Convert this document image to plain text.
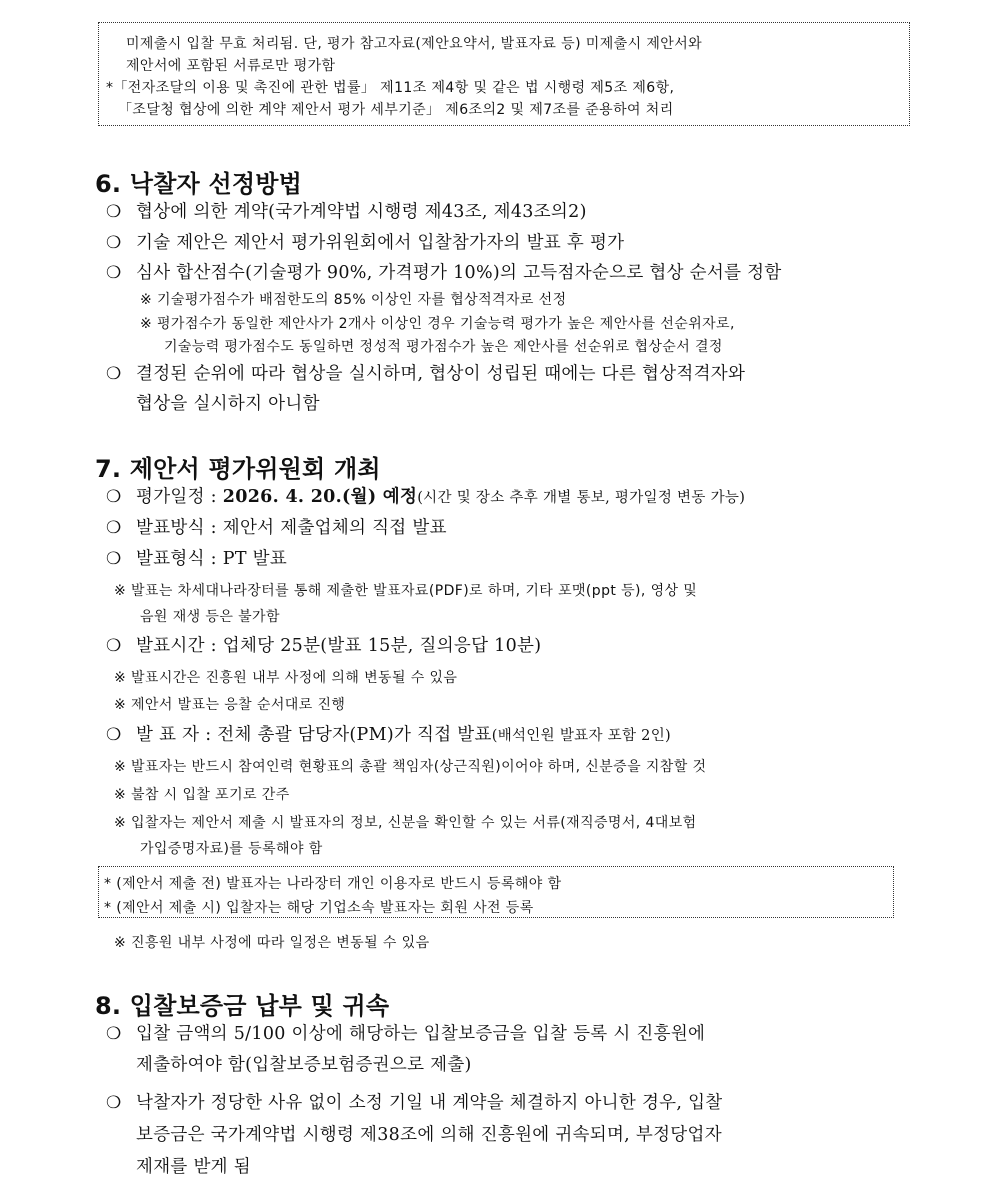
미제출시 입찰 무효 처리됨. 단, 평가 참고자료(제안요약서, 발표자료 등) 미제출시 제안서와
제안서에 포함된 서류로만 평가함
*「전자조달의 이용 및 촉진에 관한 법률」 제11조 제4항 및 같은 법 시행령 제5조 제6항,
「조달청 협상에 의한 계약 제안서 평가 세부기준」 제6조의2 및 제7조를 준용하여 처리
6. 낙찰자 선정방법
❍ 협상에 의한 계약(국가계약법 시행령 제43조, 제43조의2)
❍ 기술 제안은 제안서 평가위원회에서 입찰참가자의 발표 후 평가
❍ 심사 합산점수(기술평가 90%, 가격평가 10%)의 고득점자순으로 협상 순서를 정함
※ 기술평가점수가 배점한도의 85% 이상인 자를 협상적격자로 선정
※ 평가점수가 동일한 제안사가 2개사 이상인 경우 기술능력 평가가 높은 제안사를 선순위자로,
기술능력 평가점수도 동일하면 정성적 평가점수가 높은 제안사를 선순위로 협상순서 결정
❍ 결정된 순위에 따라 협상을 실시하며, 협상이 성립된 때에는 다른 협상적격자와
협상을 실시하지 아니함
7. 제안서 평가위원회 개최
❍ 평가일정 : 2026. 4. 20.(월) 예정(시간 및 장소 추후 개별 통보, 평가일정 변동 가능)
❍ 발표방식 : 제안서 제출업체의 직접 발표
❍ 발표형식 : PT 발표
※ 발표는 차세대나라장터를 통해 제출한 발표자료(PDF)로 하며, 기타 포맷(ppt 등), 영상 및
음원 재생 등은 불가함
❍ 발표시간 : 업체당 25분(발표 15분, 질의응답 10분)
※ 발표시간은 진흥원 내부 사정에 의해 변동될 수 있음
※ 제안서 발표는 응찰 순서대로 진행
❍ 발 표 자 : 전체 총괄 담당자(PM)가 직접 발표(배석인원 발표자 포함 2인)
※ 발표자는 반드시 참여인력 현황표의 총괄 책임자(상근직원)이어야 하며, 신분증을 지참할 것
※ 불참 시 입찰 포기로 간주
※ 입찰자는 제안서 제출 시 발표자의 정보, 신분을 확인할 수 있는 서류(재직증명서, 4대보험
가입증명자료)를 등록해야 함
* (제안서 제출 전) 발표자는 나라장터 개인 이용자로 반드시 등록해야 함
* (제안서 제출 시) 입찰자는 해당 기업소속 발표자는 회원 사전 등록
※ 진흥원 내부 사정에 따라 일정은 변동될 수 있음
8. 입찰보증금 납부 및 귀속
❍ 입찰 금액의 5/100 이상에 해당하는 입찰보증금을 입찰 등록 시 진흥원에
제출하여야 함(입찰보증보험증권으로 제출)
❍ 낙찰자가 정당한 사유 없이 소정 기일 내 계약을 체결하지 아니한 경우, 입찰
보증금은 국가계약법 시행령 제38조에 의해 진흥원에 귀속되며, 부정당업자
제재를 받게 됨
